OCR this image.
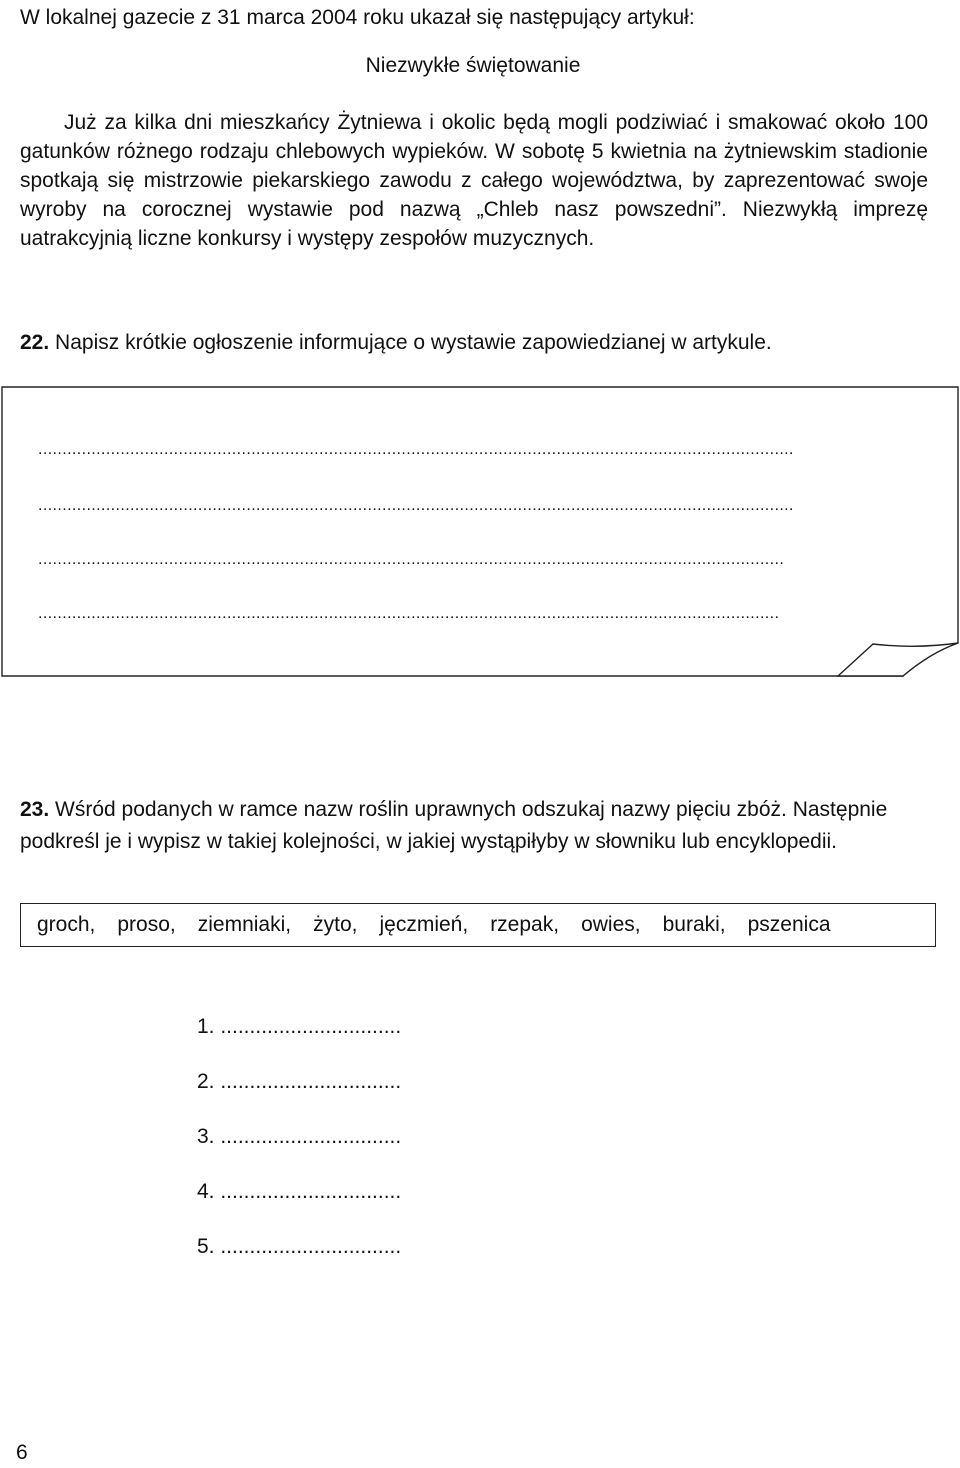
W lokalnej gazecie z 31 marca 2004 roku ukazał się następujący artykuł:
Niezwykłe świętowanie

Już za kilka dni mieszkańcy Żytniewa i okolic będą mogli podziwiać i smakować około 100 gatunków różnego rodzaju chlebowych wypieków. W sobotę 5 kwietnia na żytniewskim stadionie spotkają się mistrzowie piekarskiego zawodu z całego województwa, by zaprezentować swoje wyroby na corocznej wystawie pod nazwą „Chleb nasz powszedni”. Niezwykłą imprezę uatrakcyjnią liczne konkursy i występy zespołów muzycznych.

22. Napisz krótkie ogłoszenie informujące o wystawie zapowiedzianej w artykule.
............................................................................................................................................................
............................................................................................................................................................
..........................................................................................................................................................
.........................................................................................................................................................
23. Wśród podanych w ramce nazw roślin uprawnych odszukaj nazwy pięciu zbóż. Następnie podkreśl je i wypisz w takiej kolejności, w jakiej wystąpiłyby w słowniku lub encyklopedii.
groch, proso, ziemniaki, żyto, jęczmień, rzepak, owies, buraki, pszenica
1. ...............................
2. ...............................
3. ...............................
4. ...............................
5. ...............................
6
